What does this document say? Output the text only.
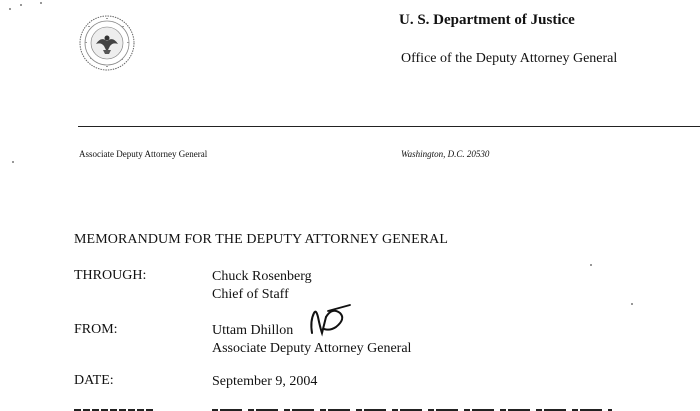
U. S. Department of Justice
Office of the Deputy Attorney General
Associate Deputy Attorney General	Washington, D.C. 20530
MEMORANDUM FOR THE DEPUTY ATTORNEY GENERAL
THROUGH:	Chuck Rosenberg
Chief of Staff
FROM:	Uttam Dhillon
Associate Deputy Attorney General
DATE:	September 9, 2004
